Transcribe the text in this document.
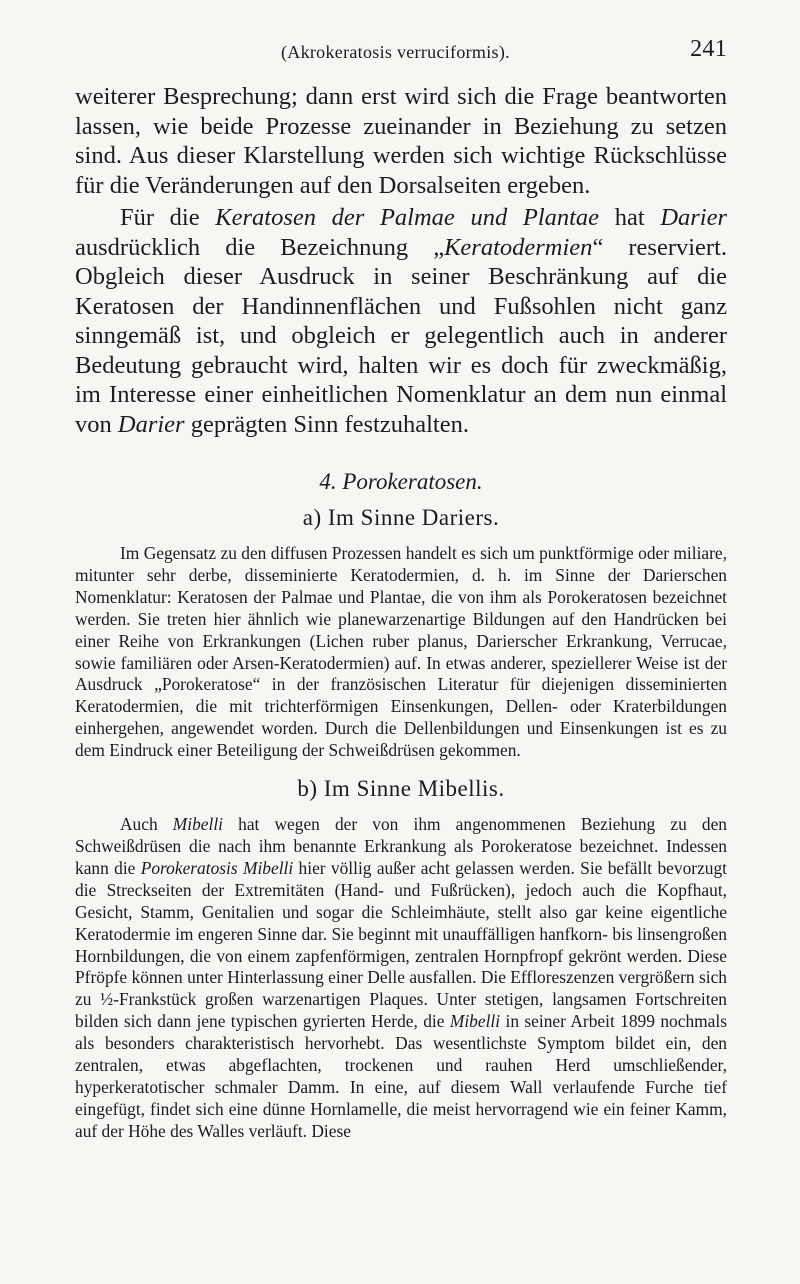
(Akrokeratosis verruciformis).	241

weiterer Besprechung; dann erst wird sich die Frage beantworten lassen, wie beide Prozesse zueinander in Beziehung zu setzen sind. Aus dieser Klarstellung werden sich wichtige Rückschlüsse für die Veränderungen auf den Dorsalseiten ergeben.

Für die Keratosen der Palmae und Plantae hat Darier ausdrücklich die Bezeichnung „Keratodermien“ reserviert. Obgleich dieser Ausdruck in seiner Beschränkung auf die Keratosen der Handinnenflächen und Fußsohlen nicht ganz sinngemäß ist, und obgleich er gelegentlich auch in anderer Bedeutung gebraucht wird, halten wir es doch für zweckmäßig, im Interesse einer einheitlichen Nomenklatur an dem nun einmal von Darier geprägten Sinn festzuhalten.

4. Porokeratosen.
a) Im Sinne Dariers.

Im Gegensatz zu den diffusen Prozessen handelt es sich um punktförmige oder miliare, mitunter sehr derbe, disseminierte Keratodermien, d. h. im Sinne der Darierschen Nomenklatur: Keratosen der Palmae und Plantae, die von ihm als Porokeratosen bezeichnet werden. Sie treten hier ähnlich wie planewarzenartige Bildungen auf den Handrücken bei einer Reihe von Erkrankungen (Lichen ruber planus, Darierscher Erkrankung, Verrucae, sowie familiären oder Arsen-Keratodermien) auf. In etwas anderer, speziellerer Weise ist der Ausdruck „Porokeratose“ in der französischen Literatur für diejenigen disseminierten Keratodermien, die mit trichterförmigen Einsenkungen, Dellen- oder Kraterbildungen einhergehen, angewendet worden. Durch die Dellenbildungen und Einsenkungen ist es zu dem Eindruck einer Beteiligung der Schweißdrüsen gekommen.

b) Im Sinne Mibellis.

Auch Mibelli hat wegen der von ihm angenommenen Beziehung zu den Schweißdrüsen die nach ihm benannte Erkrankung als Porokeratose bezeichnet. Indessen kann die Porokeratosis Mibelli hier völlig außer acht gelassen werden. Sie befällt bevorzugt die Streckseiten der Extremitäten (Hand- und Fußrücken), jedoch auch die Kopfhaut, Gesicht, Stamm, Genitalien und sogar die Schleimhäute, stellt also gar keine eigentliche Keratodermie im engeren Sinne dar. Sie beginnt mit unauffälligen hanfkorn- bis linsengroßen Hornbildungen, die von einem zapfenförmigen, zentralen Hornpfropf gekrönt werden. Diese Pfröpfe können unter Hinterlassung einer Delle ausfallen. Die Effloreszenzen vergrößern sich zu ½-Frankstück großen warzenartigen Plaques. Unter stetigen, langsamen Fortschreiten bilden sich dann jene typischen gyrierten Herde, die Mibelli in seiner Arbeit 1899 nochmals als besonders charakteristisch hervorhebt. Das wesentlichste Symptom bildet ein, den zentralen, etwas abgeflachten, trockenen und rauhen Herd umschließender, hyperkeratotischer schmaler Damm. In eine, auf diesem Wall verlaufende Furche tief eingefügt, findet sich eine dünne Hornlamelle, die meist hervorragend wie ein feiner Kamm, auf der Höhe des Walles verläuft. Diese
